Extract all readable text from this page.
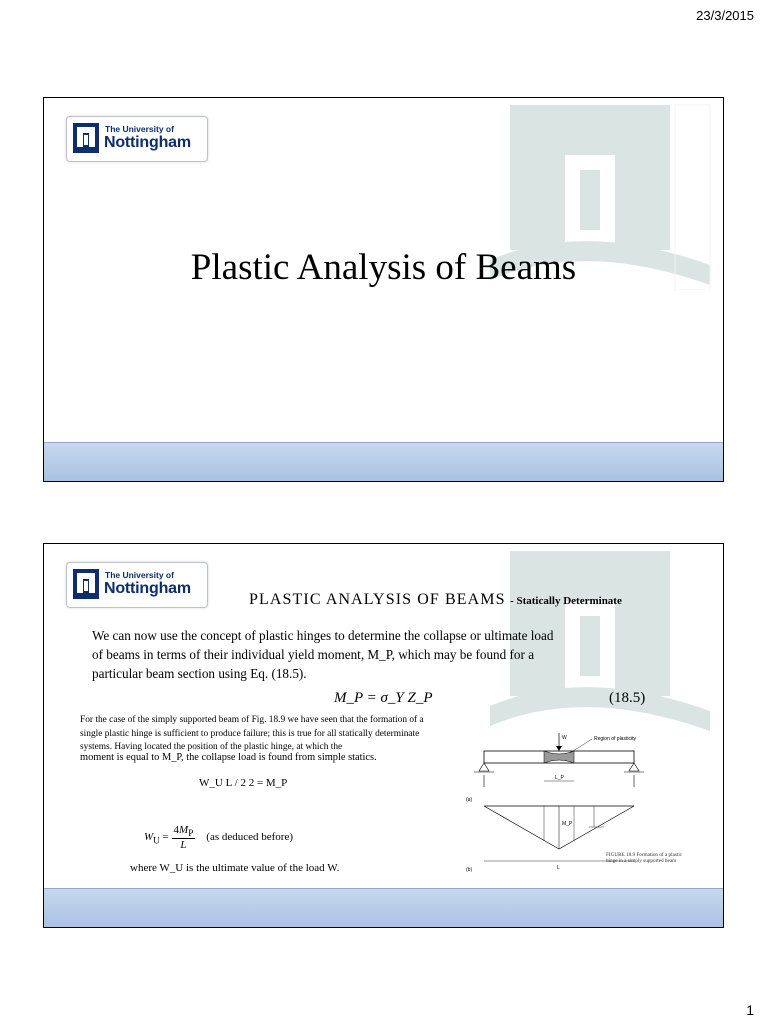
23/3/2015
The University of
Nottingham
Plastic Analysis of Beams
The University of
Nottingham
PLASTIC ANALYSIS OF BEAMS - Statically Determinate
We can now use the concept of plastic hinges to determine the collapse or ultimate load of beams in terms of their individual yield moment, M_P, which may be found for a particular beam section using Eq. (18.5).
M_P = σ_Y Z_P	(18.5)
For the case of the simply supported beam of Fig. 18.9 we have seen that the formation of a single plastic hinge is sufficient to produce failure; this is true for all statically determinate systems. Having located the position of the plastic hinge, at which the
moment is equal to M_P, the collapse load is found from simple statics.
W_U L / 2 2 = M_P
$W_U = \frac{4M_P}{L} (as$ deduced before)
where W_U is the ultimate value of the load W.
W	Region of plasticity
L_P
(a)
M_P
L
(b)
FIGURE 18.9 Formation of a plastic hinge in a simply supported beam
1
